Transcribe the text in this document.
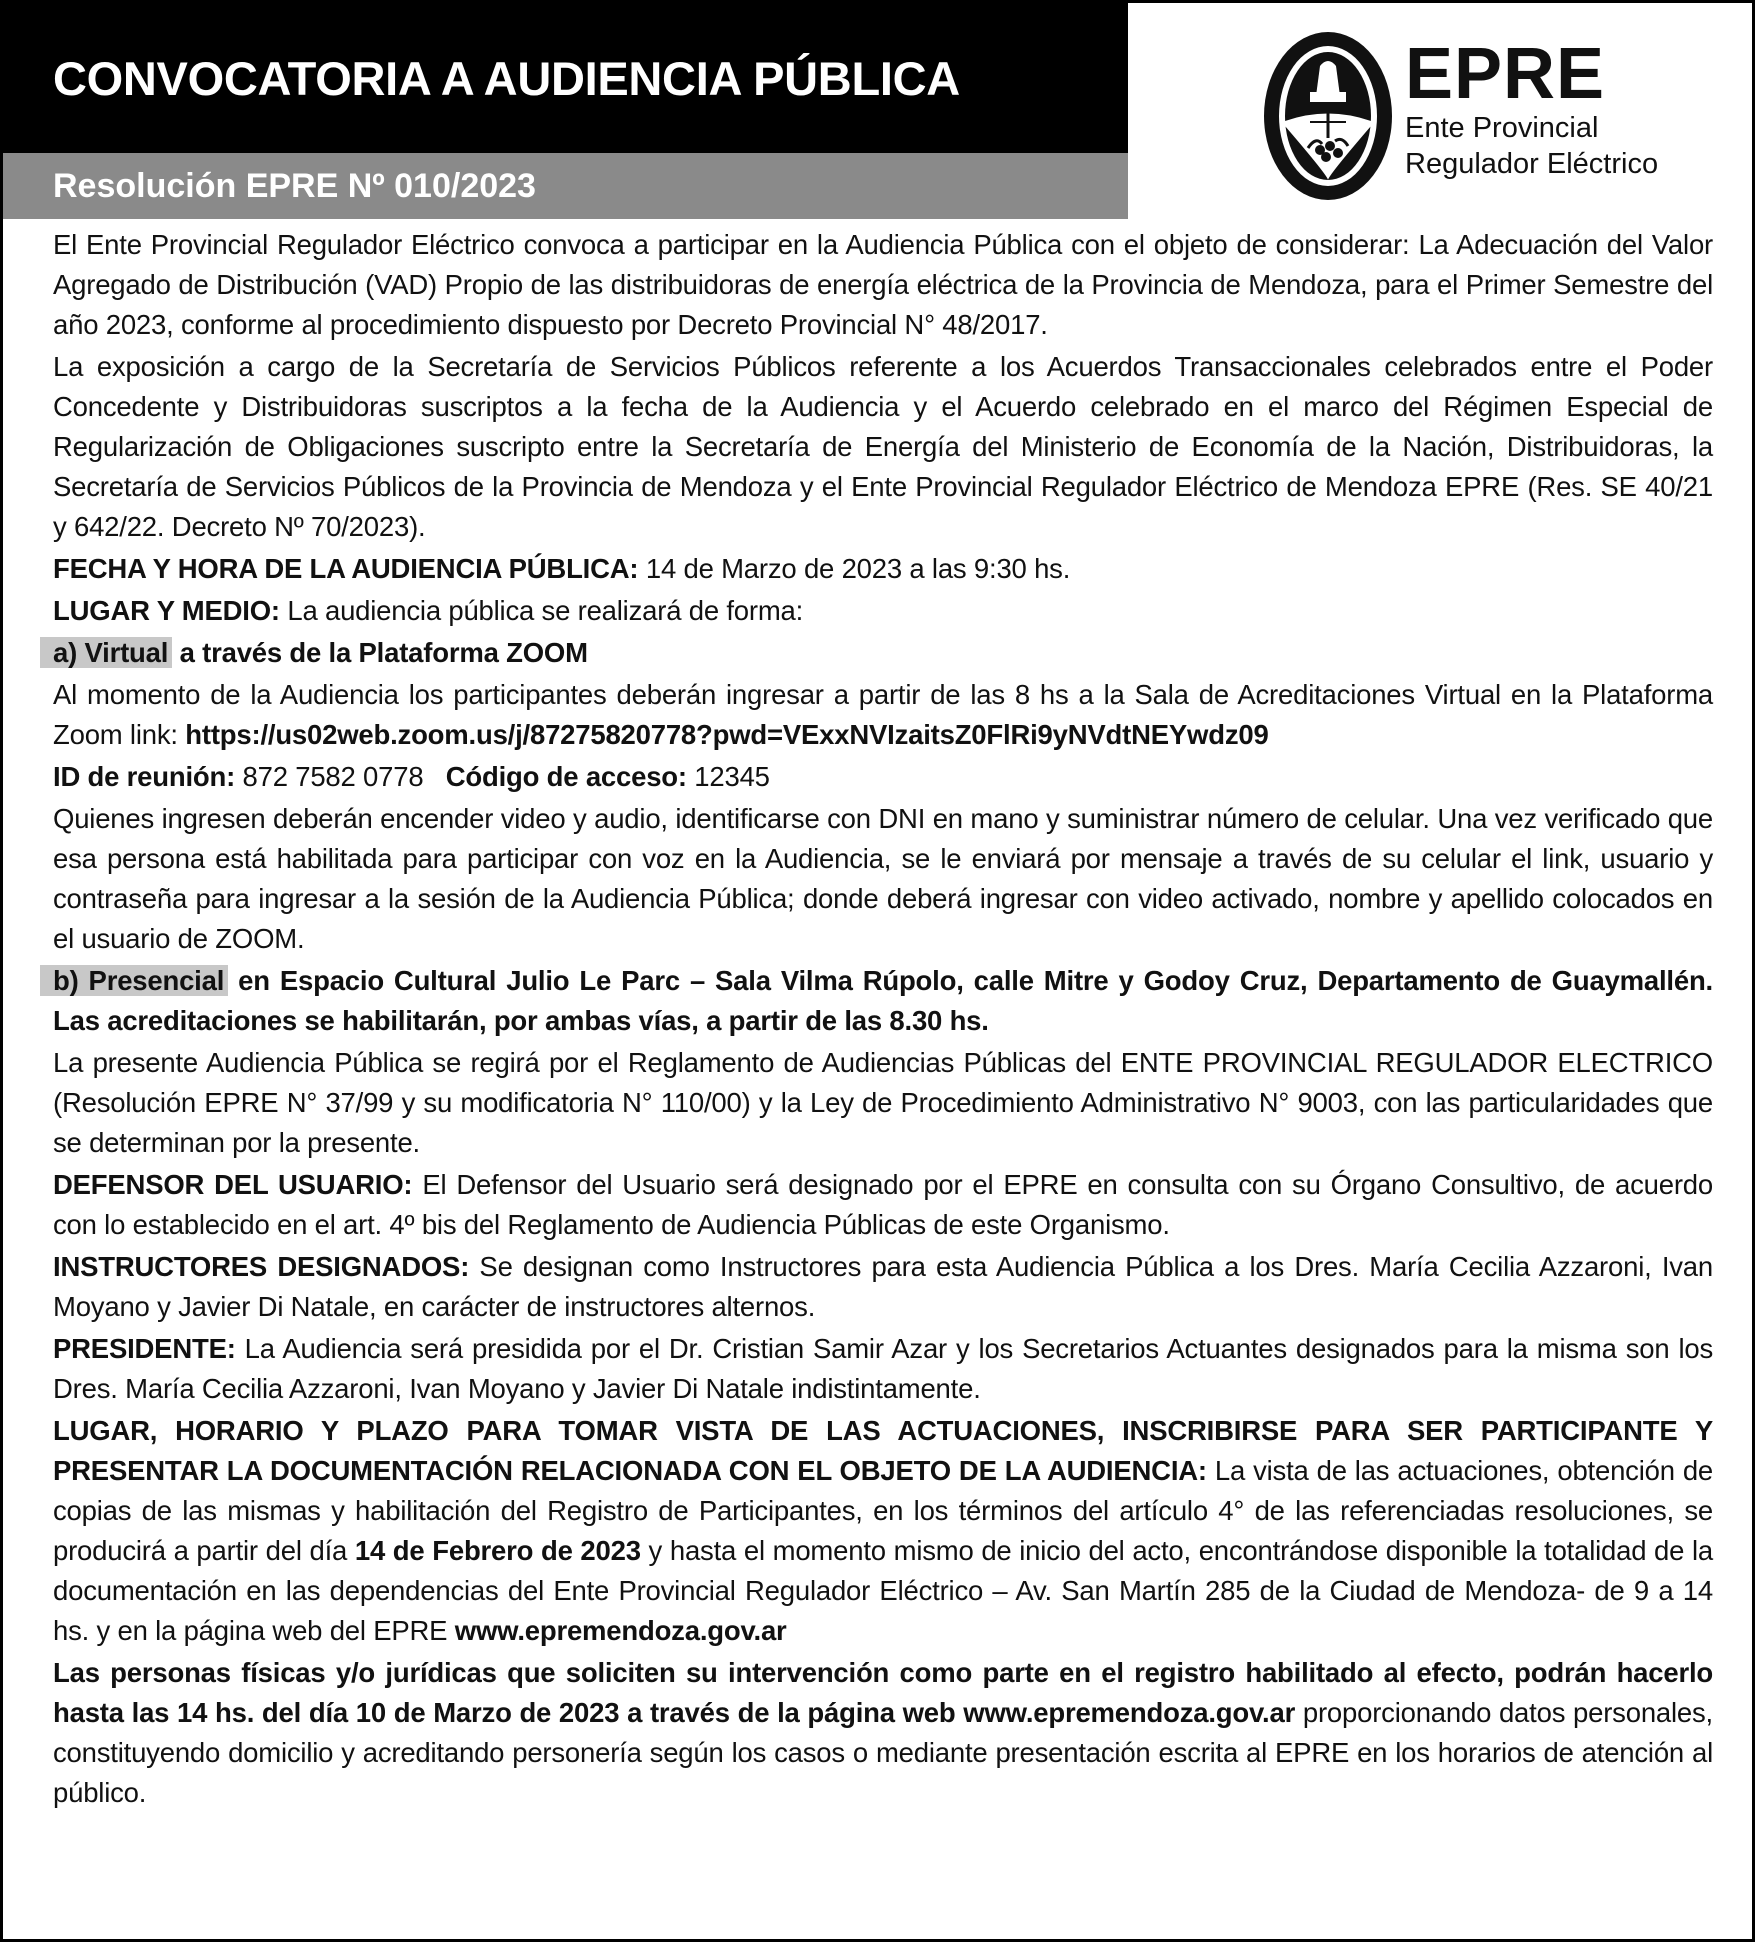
CONVOCATORIA A AUDIENCIA PÚBLICA
Resolución EPRE Nº 010/2023
EPRE
Ente Provincial
Regulador Eléctrico

El Ente Provincial Regulador Eléctrico convoca a participar en la Audiencia Pública con el objeto de considerar: La Adecuación del Valor Agregado de Distribución (VAD) Propio de las distribuidoras de energía eléctrica de la Provincia de Mendoza, para el Primer Semestre del año 2023, conforme al procedimiento dispuesto por Decreto Provincial N° 48/2017.

La exposición a cargo de la Secretaría de Servicios Públicos referente a los Acuerdos Transaccionales celebrados entre el Poder Concedente y Distribuidoras suscriptos a la fecha de la Audiencia y el Acuerdo celebrado en el marco del Régimen Especial de Regularización de Obligaciones suscripto entre la Secretaría de Energía del Ministerio de Economía de la Nación, Distribuidoras, la Secretaría de Servicios Públicos de la Provincia de Mendoza y el Ente Provincial Regulador Eléctrico de Mendoza EPRE (Res. SE 40/21 y 642/22. Decreto Nº 70/2023).

FECHA Y HORA DE LA AUDIENCIA PÚBLICA: 14 de Marzo de 2023 a las 9:30 hs.

LUGAR Y MEDIO: La audiencia pública se realizará de forma:

a) Virtual a través de la Plataforma ZOOM

Al momento de la Audiencia los participantes deberán ingresar a partir de las 8 hs a la Sala de Acreditaciones Virtual en la Plataforma Zoom link: https://us02web.zoom.us/j/87275820778?pwd=VExxNVIzaitsZ0FlRi9yNVdtNEYwdz09

ID de reunión: 872 7582 0778 Código de acceso: 12345

Quienes ingresen deberán encender video y audio, identificarse con DNI en mano y suministrar número de celular. Una vez verificado que esa persona está habilitada para participar con voz en la Audiencia, se le enviará por mensaje a través de su celular el link, usuario y contraseña para ingresar a la sesión de la Audiencia Pública; donde deberá ingresar con video activado, nombre y apellido colocados en el usuario de ZOOM.

b) Presencial en Espacio Cultural Julio Le Parc – Sala Vilma Rúpolo, calle Mitre y Godoy Cruz, Departamento de Guaymallén. Las acreditaciones se habilitarán, por ambas vías, a partir de las 8.30 hs.

La presente Audiencia Pública se regirá por el Reglamento de Audiencias Públicas del ENTE PROVINCIAL REGULADOR ELECTRICO (Resolución EPRE N° 37/99 y su modificatoria N° 110/00) y la Ley de Procedimiento Administrativo N° 9003, con las particularidades que se determinan por la presente.

DEFENSOR DEL USUARIO: El Defensor del Usuario será designado por el EPRE en consulta con su Órgano Consultivo, de acuerdo con lo establecido en el art. 4º bis del Reglamento de Audiencia Públicas de este Organismo.

INSTRUCTORES DESIGNADOS: Se designan como Instructores para esta Audiencia Pública a los Dres. María Cecilia Azzaroni, Ivan Moyano y Javier Di Natale, en carácter de instructores alternos.

PRESIDENTE: La Audiencia será presidida por el Dr. Cristian Samir Azar y los Secretarios Actuantes designados para la misma son los Dres. María Cecilia Azzaroni, Ivan Moyano y Javier Di Natale indistintamente.

LUGAR, HORARIO Y PLAZO PARA TOMAR VISTA DE LAS ACTUACIONES, INSCRIBIRSE PARA SER PARTICIPANTE Y PRESENTAR LA DOCUMENTACIÓN RELACIONADA CON EL OBJETO DE LA AUDIENCIA: La vista de las actuaciones, obtención de copias de las mismas y habilitación del Registro de Participantes, en los términos del artículo 4° de las referenciadas resoluciones, se producirá a partir del día 14 de Febrero de 2023 y hasta el momento mismo de inicio del acto, encontrándose disponible la totalidad de la documentación en las dependencias del Ente Provincial Regulador Eléctrico – Av. San Martín 285 de la Ciudad de Mendoza- de 9 a 14 hs. y en la página web del EPRE www.epremendoza.gov.ar

Las personas físicas y/o jurídicas que soliciten su intervención como parte en el registro habilitado al efecto, podrán hacerlo hasta las 14 hs. del día 10 de Marzo de 2023 a través de la página web www.epremendoza.gov.ar proporcionando datos personales, constituyendo domicilio y acreditando personería según los casos o mediante presentación escrita al EPRE en los horarios de atención al público.
